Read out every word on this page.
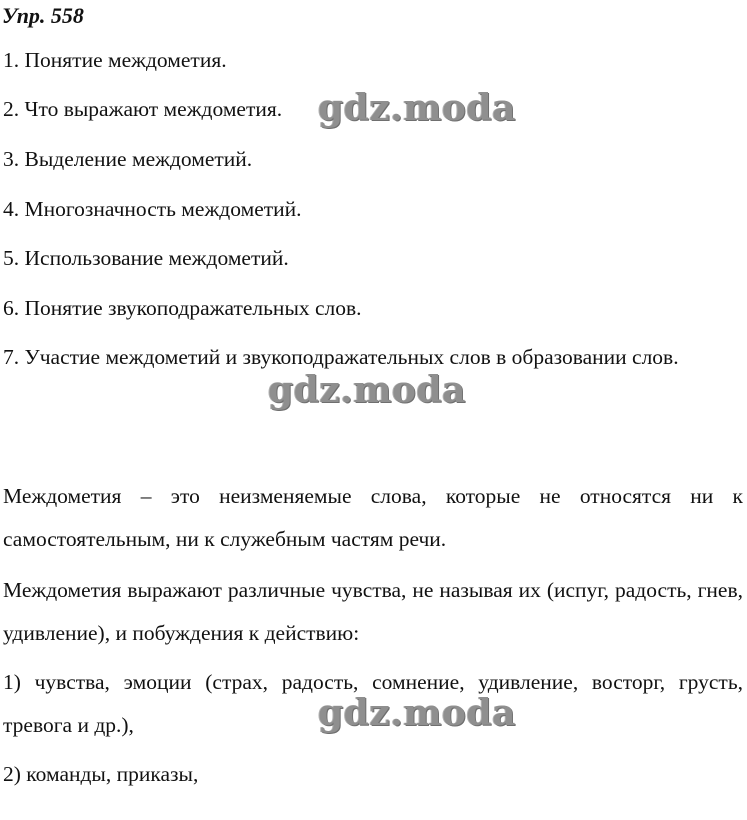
Упр. 558

1. Понятие междометия.

2. Что выражают междометия.

3. Выделение междометий.

4. Многозначность междометий.

5. Использование междометий.

6. Понятие звукоподражательных слов.

7. Участие междометий и звукоподражательных слов в образовании слов.

Междометия – это неизменяемые слова, которые не относятся ни к самостоятельным, ни к служебным частям речи.

Междометия выражают различные чувства, не называя их (испуг, радость, гнев, удивление), и побуждения к действию:

1) чувства, эмоции (страх, радость, сомнение, удивление, восторг, грусть, тревога и др.),

2) команды, приказы,

gdz.moda
gdz.moda
gdz.moda
